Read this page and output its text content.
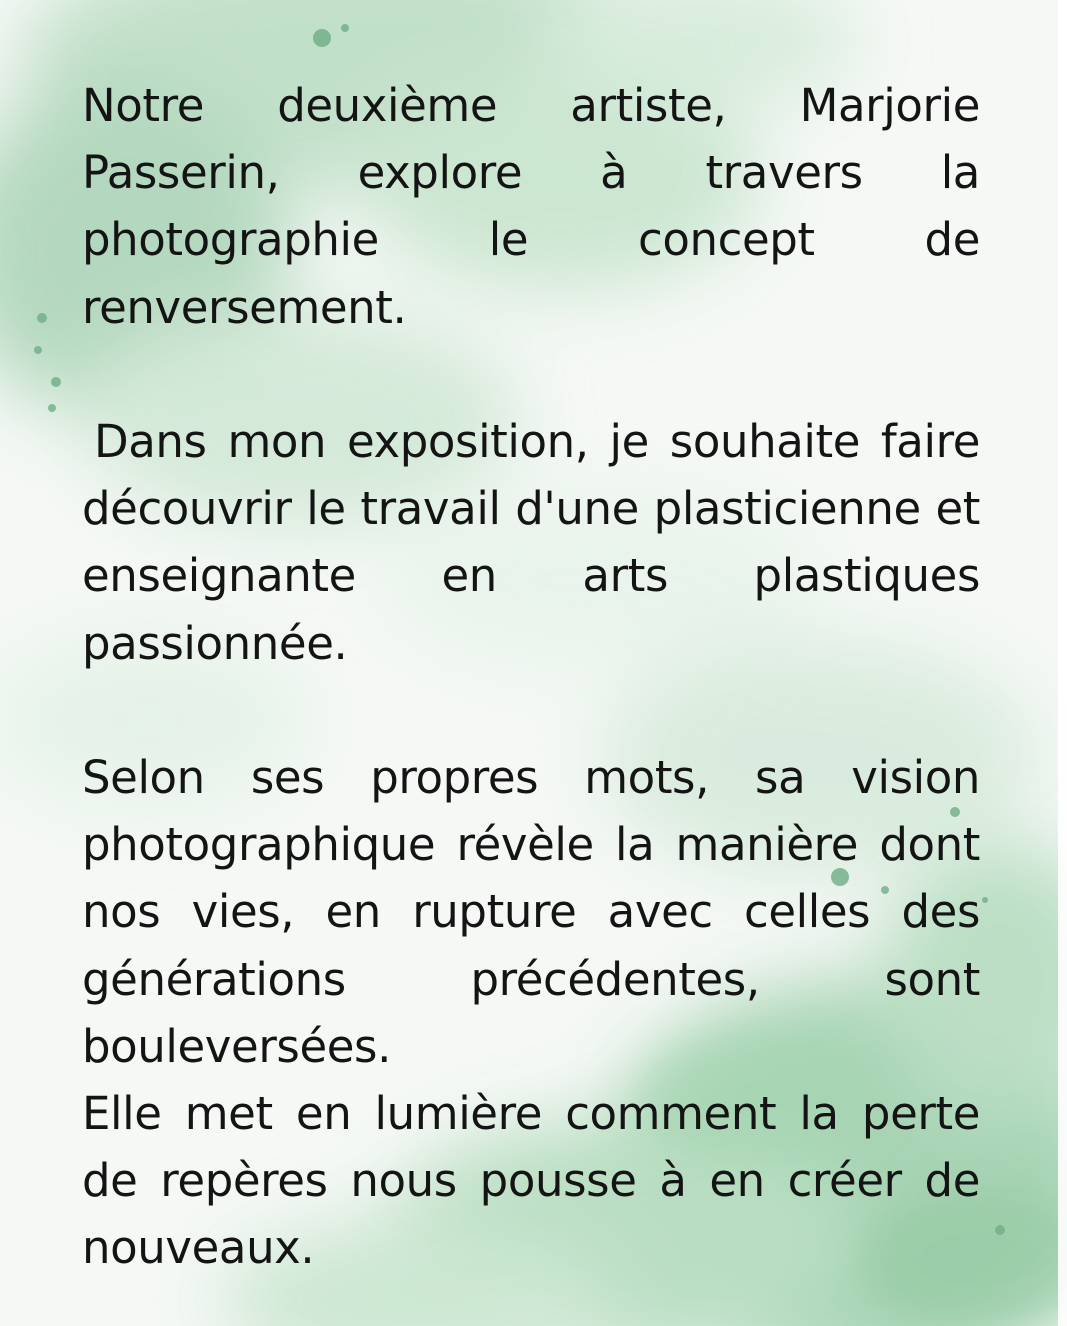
Notre deuxième artiste, Marjorie Passerin, explore à travers la photographie le concept de renversement.

Dans mon exposition, je souhaite faire découvrir le travail d'une plasticienne et enseignante en arts plastiques passionnée.

Selon ses propres mots, sa vision photographique révèle la manière dont nos vies, en rupture avec celles des générations précédentes, sont bouleversées.

Elle met en lumière comment la perte de repères nous pousse à en créer de nouveaux.
